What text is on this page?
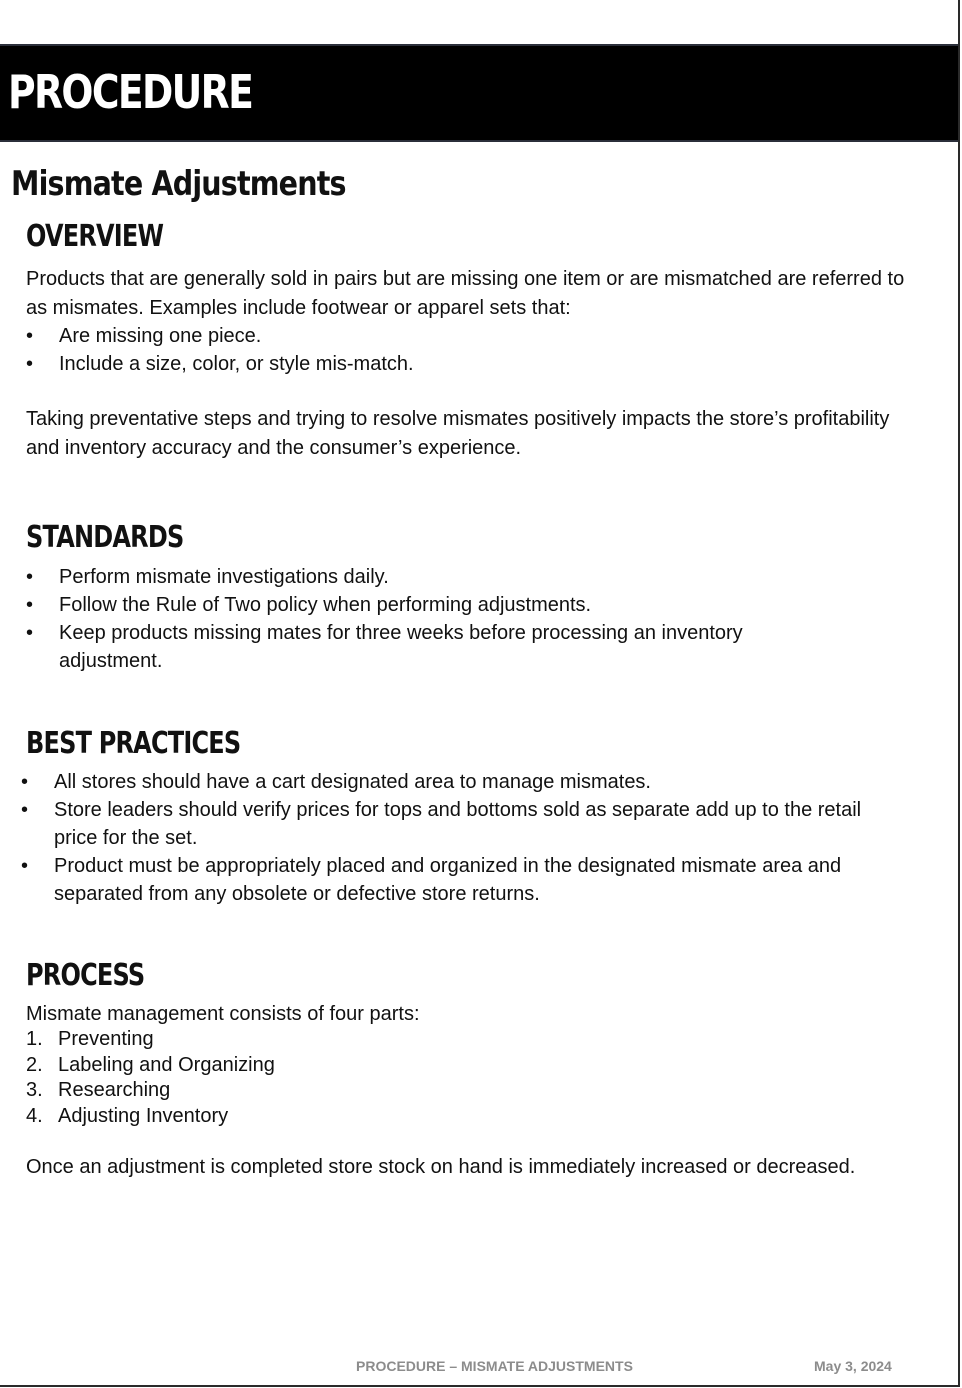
PROCEDURE
Mismate Adjustments
OVERVIEW

Products that are generally sold in pairs but are missing one item or are mismatched are referred to as mismates. Examples include footwear or apparel sets that:

• Are missing one piece.
• Include a size, color, or style mis-match.

Taking preventative steps and trying to resolve mismates positively impacts the store’s profitability and inventory accuracy and the consumer’s experience.

STANDARDS
• Perform mismate investigations daily.
• Follow the Rule of Two policy when performing adjustments.
• Keep products missing mates for three weeks before processing an inventory adjustment.
BEST PRACTICES
• All stores should have a cart designated area to manage mismates.
• Store leaders should verify prices for tops and bottoms sold as separate add up to the retail price for the set.
• Product must be appropriately placed and organized in the designated mismate area and separated from any obsolete or defective store returns.
PROCESS

Mismate management consists of four parts:

1. Preventing
2. Labeling and Organizing
3. Researching
4. Adjusting Inventory

Once an adjustment is completed store stock on hand is immediately increased or decreased.

PROCEDURE – MISMATE ADJUSTMENTS	May 3, 2024
